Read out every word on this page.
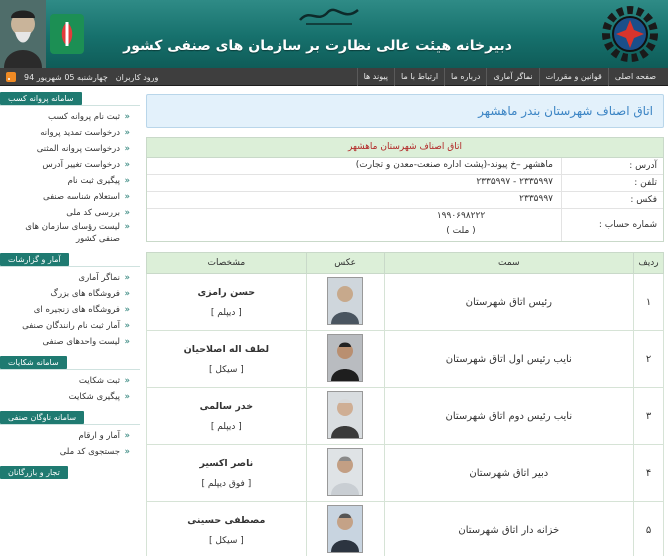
دبیرخانه هیئت عالی نظارت بر سازمان های صنفی کشور
صفحه اصلی
قوانین و مقررات
نماگر آماری
درباره ما
ارتباط با ما
پیوند ها
ورود کاربران
چهارشنبه 05 شهریور 94
سامانه پروانه کسب
« ثبت نام پروانه کسب
« درخواست تمدید پروانه
« درخواست پروانه المثنی
« درخواست تغییر آدرس
« پیگیری ثبت نام
« استعلام شناسه صنفی
« بررسی کد ملی
« لیست رؤسای سازمان های صنفی کشور
آمار و گزارشات
« نماگر آماری
« فروشگاه های بزرگ
« فروشگاه های زنجیره ای
« آمار ثبت نام رانندگان صنفی
« لیست واحدهای صنفی
سامانه شکایات
« ثبت شکایت
« پیگیری شکایت
سامانه ناوگان صنفی
« آمار و ارقام
« جستجوی کد ملی
تجار و بازرگانان
اتاق اصناف شهرستان بندر ماهشهر
اتاق اصناف شهرستان ماهشهر
آدرس :
ماهشهر –خ پیوند-(پشت اداره صنعت-معدن و تجارت)
تلفن :
۲۳۳۵۹۹۷ - ۲۳۳۵۹۹۷
فکس :
۲۳۳۵۹۹۷
شماره حساب :
۱۹۹۰۶۹۸۲۲۲
( ملت )
ردیف	سمت	عکس	مشخصات
۱	رئیس اتاق شهرستان		حسن رامزی
[ دیپلم ]

۲	نایب رئیس اول اتاق شهرستان		لطف اله اصلاحیان
[ سیکل ]

۳	نایب رئیس دوم اتاق شهرستان		خدر سالمی
[ دیپلم ]

۴	دبیر اتاق شهرستان		ناصر اکسیر
[ فوق دیپلم ]

۵	خزانه دار اتاق شهرستان		مصطفی حسینی
[ سیکل ]
